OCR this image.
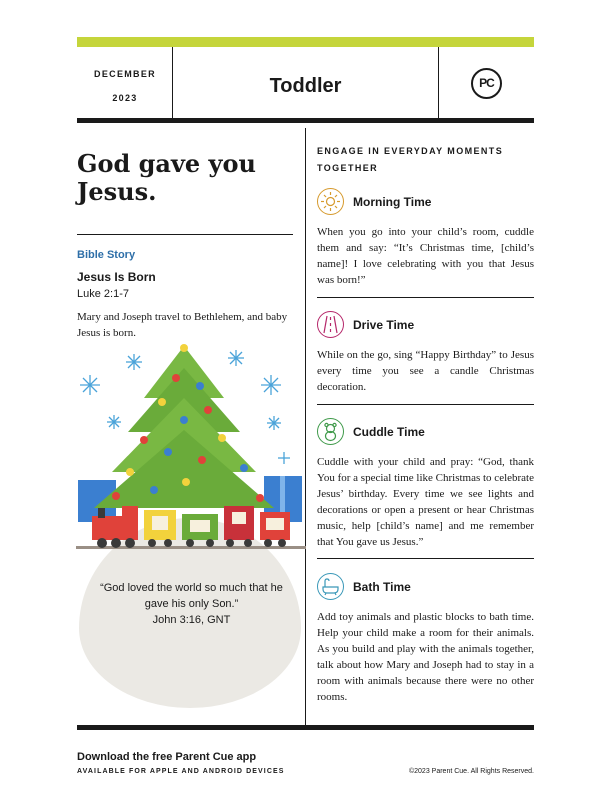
DECEMBER
2023
Toddler	PC
God gave you Jesus.
Bible Story
Jesus Is Born
Luke 2:1-7
Mary and Joseph travel to Bethlehem, and baby Jesus is born.
“God loved the world so much that he gave his only Son.”
John 3:16, GNT
ENGAGE IN EVERYDAY MOMENTS TOGETHER
Morning Time
When you go into your child’s room, cuddle them and say: “It’s Christmas time, [child’s name]! I love celebrating with you that Jesus was born!”
Drive Time
While on the go, sing “Happy Birthday” to Jesus every time you see a candle Christmas decoration.
Cuddle Time
Cuddle with your child and pray: “God, thank You for a special time like Christmas to celebrate Jesus’ birthday. Every time we see lights and decorations or open a present or hear Christmas music, help [child’s name] and me remember that You gave us Jesus.”
Bath Time
Add toy animals and plastic blocks to bath time. Help your child make a room for their animals. As you build and play with the animals together, talk about how Mary and Joseph had to stay in a room with animals because there were no other rooms.
Download the free Parent Cue app
AVAILABLE FOR APPLE AND ANDROID DEVICES	©2023 Parent Cue. All Rights Reserved.
